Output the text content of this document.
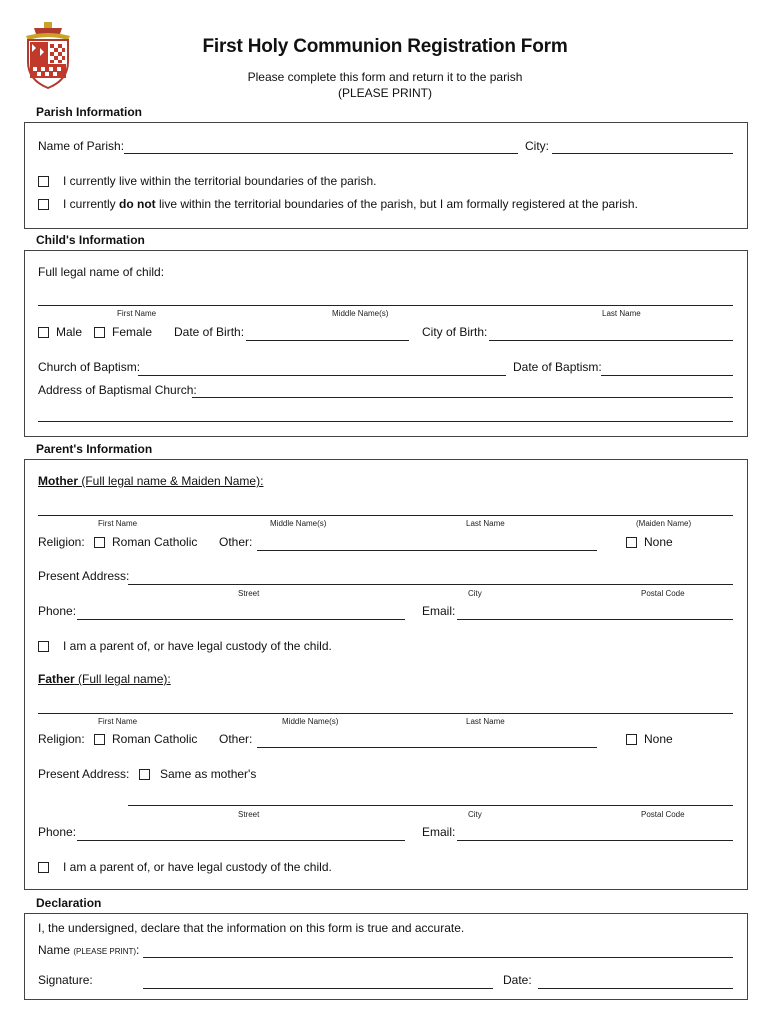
First Holy Communion Registration Form
Please complete this form and return it to the parish
(PLEASE PRINT)
Parish Information
Name of Parish:	City:
I currently live within the territorial boundaries of the parish.
I currently do not live within the territorial boundaries of the parish, but I am formally registered at the parish.
Child's Information
Full legal name of child:
First Name	Middle Name(s)	Last Name
Male Female Date of Birth:	City of Birth:
Church of Baptism:	Date of Baptism:
Address of Baptismal Church:
Parent's Information
Mother (Full legal name & Maiden Name):
First Name	Middle Name(s)	Last Name	(Maiden Name)
Religion: Roman Catholic Other:	None
Present Address:
Street	City	Postal Code
Phone:	Email:
I am a parent of, or have legal custody of the child.
Father (Full legal name):
First Name	Middle Name(s)	Last Name
Religion: Roman Catholic Other:	None
Present Address:	Same as mother's
Street	City	Postal Code
Phone:	Email:
I am a parent of, or have legal custody of the child.
Declaration
I, the undersigned, declare that the information on this form is true and accurate.
Name (PLEASE PRINT):
Signature:	Date:
